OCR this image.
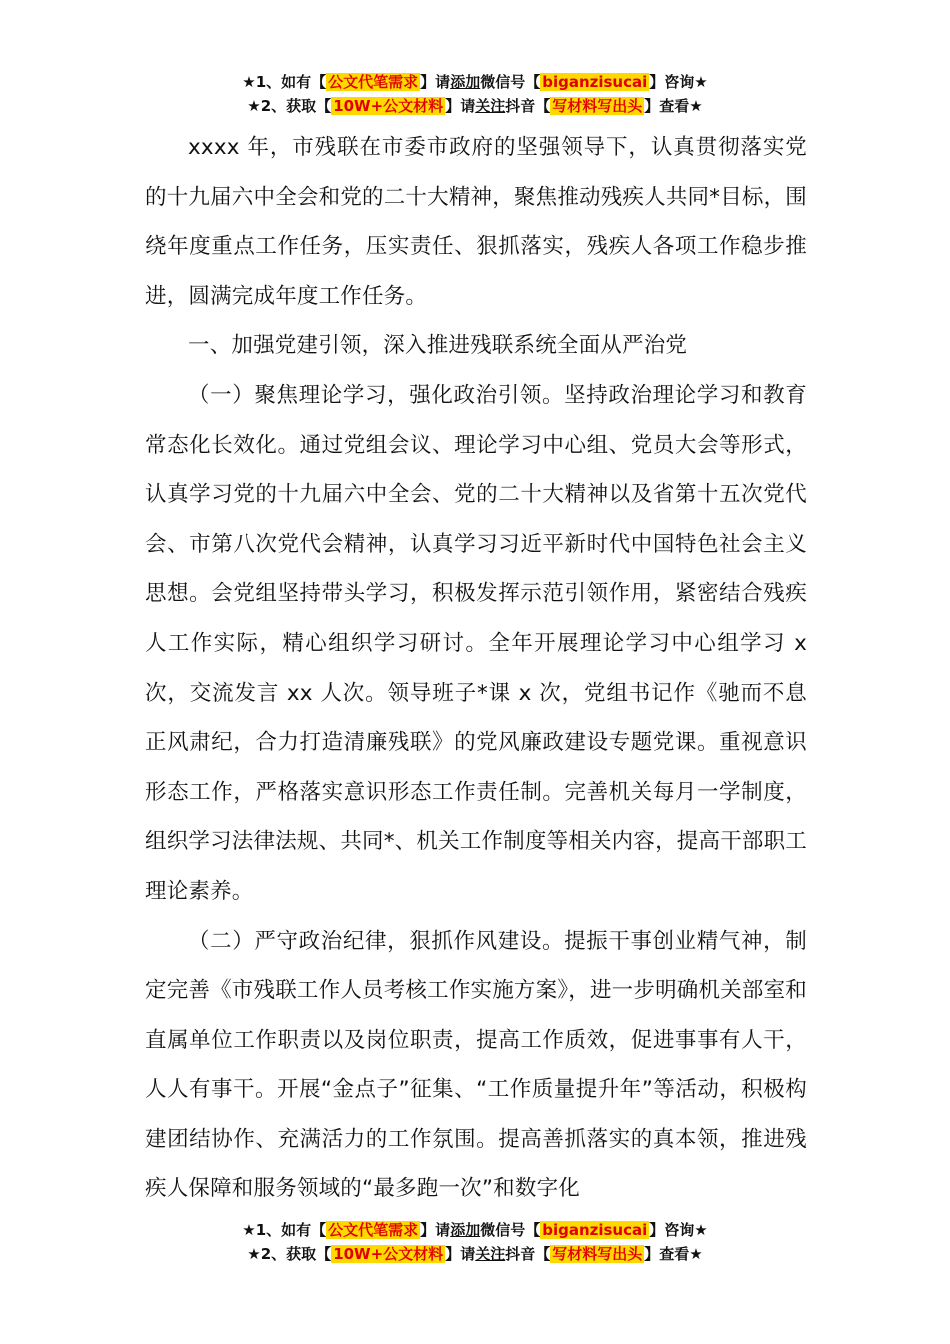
★1、如有【 公文代笔需求 】请添加微信号【 biganzisucai 】咨询★
★2、获取【 10W+公文材料 】请关注抖音【 写材料写出头 】查看★

xxxx 年，市残联在市委市政府的坚强领导下，认真贯彻落实党的十九届六中全会和党的二十大精神，聚焦推动残疾人共同*目标，围绕年度重点工作任务，压实责任、狠抓落实，残疾人各项工作稳步推进，圆满完成年度工作任务。

一、加强党建引领，深入推进残联系统全面从严治党

（一）聚焦理论学习，强化政治引领。坚持政治理论学习和教育常态化长效化。通过党组会议、理论学习中心组、党员大会等形式，认真学习党的十九届六中全会、党的二十大精神以及省第十五次党代会、市第八次党代会精神，认真学习习近平新时代中国特色社会主义思想。会党组坚持带头学习，积极发挥示范引领作用，紧密结合残疾人工作实际，精心组织学习研讨。全年开展理论学习中心组学习 x 次，交流发言 xx 人次。领导班子*课 x 次，党组书记作《驰而不息正风肃纪，合力打造清廉残联》的党风廉政建设专题党课。重视意识形态工作，严格落实意识形态工作责任制。完善机关每月一学制度，组织学习法律法规、共同*、机关工作制度等相关内容，提高干部职工理论素养。

（二）严守政治纪律，狠抓作风建设。提振干事创业精气神，制定完善《市残联工作人员考核工作实施方案》，进一步明确机关部室和直属单位工作职责以及岗位职责，提高工作质效，促进事事有人干，人人有事干。开展“金点子”征集、“工作质量提升年”等活动，积极构建团结协作、充满活力的工作氛围。提高善抓落实的真本领，推进残疾人保障和服务领域的“最多跑一次”和数字化

★1、如有【 公文代笔需求 】请添加微信号【 biganzisucai 】咨询★
★2、获取【 10W+公文材料 】请关注抖音【 写材料写出头 】查看★
